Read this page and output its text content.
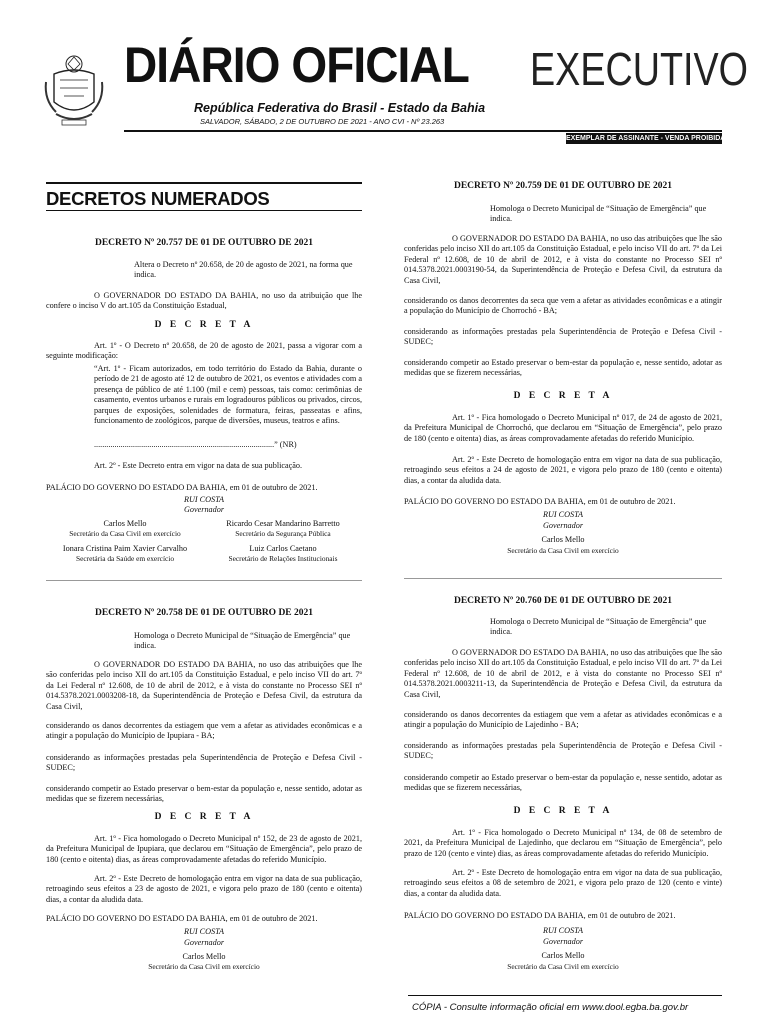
DIÁRIO OFICIAL EXECUTIVO
República Federativa do Brasil - Estado da Bahia
SALVADOR, SÁBADO, 2 DE OUTUBRO DE 2021 - ANO CVI - Nº 23.263
EXEMPLAR DE ASSINANTE - VENDA PROIBIDA
DECRETOS NUMERADOS
DECRETO Nº 20.757 DE 01 DE OUTUBRO DE 2021
Altera o Decreto nº 20.658, de 20 de agosto de 2021, na forma que
indica.
O GOVERNADOR DO ESTADO DA BAHIA, no uso da atribuição que lhe confere o inciso V do art.105 da Constituição Estadual,
D E C R E T A
Art. 1º - O Decreto nº 20.658, de 20 de agosto de 2021, passa a vigorar com a seguinte modificação:
“Art. 1º - Ficam autorizados, em todo território do Estado da Bahia, durante o período de 21 de agosto até 12 de outubro de 2021, os eventos e atividades com a presença de público de até 1.100 (mil e cem) pessoas, tais como: cerimônias de casamento, eventos urbanos e rurais em logradouros públicos ou privados, circos, parques de exposições, solenidades de formatura, feiras, passeatas e afins, funcionamento de zoológicos, parque de diversões, museus, teatros e afins.
........................................................................................” (NR)
Art. 2º - Este Decreto entra em vigor na data de sua publicação.
PALÁCIO DO GOVERNO DO ESTADO DA BAHIA, em 01 de outubro de 2021.
RUI COSTA
Governador
Carlos Mello
Secretário da Casa Civil em exercício
Ricardo Cesar Mandarino Barretto
Secretário da Segurança Pública
Ionara Cristina Paim Xavier Carvalho
Secretária da Saúde em exercício
Luiz Carlos Caetano
Secretário de Relações Institucionais
DECRETO Nº 20.758 DE 01 DE OUTUBRO DE 2021
Homologa o Decreto Municipal de “Situação de Emergência” que
indica.
O GOVERNADOR DO ESTADO DA BAHIA, no uso das atribuições que lhe são conferidas pelo inciso XII do art.105 da Constituição Estadual, e pelo inciso VII do art. 7º da Lei Federal nº 12.608, de 10 de abril de 2012, e à vista do constante no Processo SEI nº 014.5378.2021.0003208-18, da Superintendência de Proteção e Defesa Civil, da estrutura da Casa Civil,
considerando os danos decorrentes da estiagem que vem a afetar as atividades econômicas e a atingir a população do Município de Ipupiara - BA;
considerando as informações prestadas pela Superintendência de Proteção e Defesa Civil - SUDEC;
considerando competir ao Estado preservar o bem-estar da população e, nesse sentido, adotar as medidas que se fizerem necessárias,
D E C R E T A
Art. 1º - Fica homologado o Decreto Municipal nº 152, de 23 de agosto de 2021, da Prefeitura Municipal de Ipupiara, que declarou em “Situação de Emergência”, pelo prazo de 180 (cento e oitenta) dias, as áreas comprovadamente afetadas do referido Município.
Art. 2º - Este Decreto de homologação entra em vigor na data de sua publicação, retroagindo seus efeitos a 23 de agosto de 2021, e vigora pelo prazo de 180 (cento e oitenta) dias, a contar da aludida data.
PALÁCIO DO GOVERNO DO ESTADO DA BAHIA, em 01 de outubro de 2021.
RUI COSTA
Governador
Carlos Mello
Secretário da Casa Civil em exercício
DECRETO Nº 20.759 DE 01 DE OUTUBRO DE 2021
Homologa o Decreto Municipal de “Situação de Emergência” que
indica.
O GOVERNADOR DO ESTADO DA BAHIA, no uso das atribuições que lhe são conferidas pelo inciso XII do art.105 da Constituição Estadual, e pelo inciso VII do art. 7º da Lei Federal nº 12.608, de 10 de abril de 2012, e à vista do constante no Processo SEI nº 014.5378.2021.0003190-54, da Superintendência de Proteção e Defesa Civil, da estrutura da Casa Civil,
considerando os danos decorrentes da seca que vem a afetar as atividades econômicas e a atingir a população do Município de Chorrochó - BA;
considerando as informações prestadas pela Superintendência de Proteção e Defesa Civil - SUDEC;
considerando competir ao Estado preservar o bem-estar da população e, nesse sentido, adotar as medidas que se fizerem necessárias,
D E C R E T A
Art. 1º - Fica homologado o Decreto Municipal nº 017, de 24 de agosto de 2021, da Prefeitura Municipal de Chorrochó, que declarou em “Situação de Emergência”, pelo prazo de 180 (cento e oitenta) dias, as áreas comprovadamente afetadas do referido Município.
Art. 2º - Este Decreto de homologação entra em vigor na data de sua publicação, retroagindo seus efeitos a 24 de agosto de 2021, e vigora pelo prazo de 180 (cento e oitenta) dias, a contar da aludida data.
PALÁCIO DO GOVERNO DO ESTADO DA BAHIA, em 01 de outubro de 2021.
RUI COSTA
Governador
Carlos Mello
Secretário da Casa Civil em exercício
DECRETO Nº 20.760 DE 01 DE OUTUBRO DE 2021
Homologa o Decreto Municipal de “Situação de Emergência” que
indica.
O GOVERNADOR DO ESTADO DA BAHIA, no uso das atribuições que lhe são conferidas pelo inciso XII do art.105 da Constituição Estadual, e pelo inciso VII do art. 7º da Lei Federal nº 12.608, de 10 de abril de 2012, e à vista do constante no Processo SEI nº 014.5378.2021.0003211-13, da Superintendência de Proteção e Defesa Civil, da estrutura da Casa Civil,
considerando os danos decorrentes da estiagem que vem a afetar as atividades econômicas e a atingir a população do Município de Lajedinho - BA;
considerando as informações prestadas pela Superintendência de Proteção e Defesa Civil - SUDEC;
considerando competir ao Estado preservar o bem-estar da população e, nesse sentido, adotar as medidas que se fizerem necessárias,
D E C R E T A
Art. 1º - Fica homologado o Decreto Municipal nº 134, de 08 de setembro de 2021, da Prefeitura Municipal de Lajedinho, que declarou em “Situação de Emergência”, pelo prazo de 120 (cento e vinte) dias, as áreas comprovadamente afetadas do referido Município.
Art. 2º - Este Decreto de homologação entra em vigor na data de sua publicação, retroagindo seus efeitos a 08 de setembro de 2021, e vigora pelo prazo de 120 (cento e vinte) dias, a contar da aludida data.
PALÁCIO DO GOVERNO DO ESTADO DA BAHIA, em 01 de outubro de 2021.
RUI COSTA
Governador
Carlos Mello
Secretário da Casa Civil em exercício
CÓPIA - Consulte informação oficial em www.dool.egba.ba.gov.br
